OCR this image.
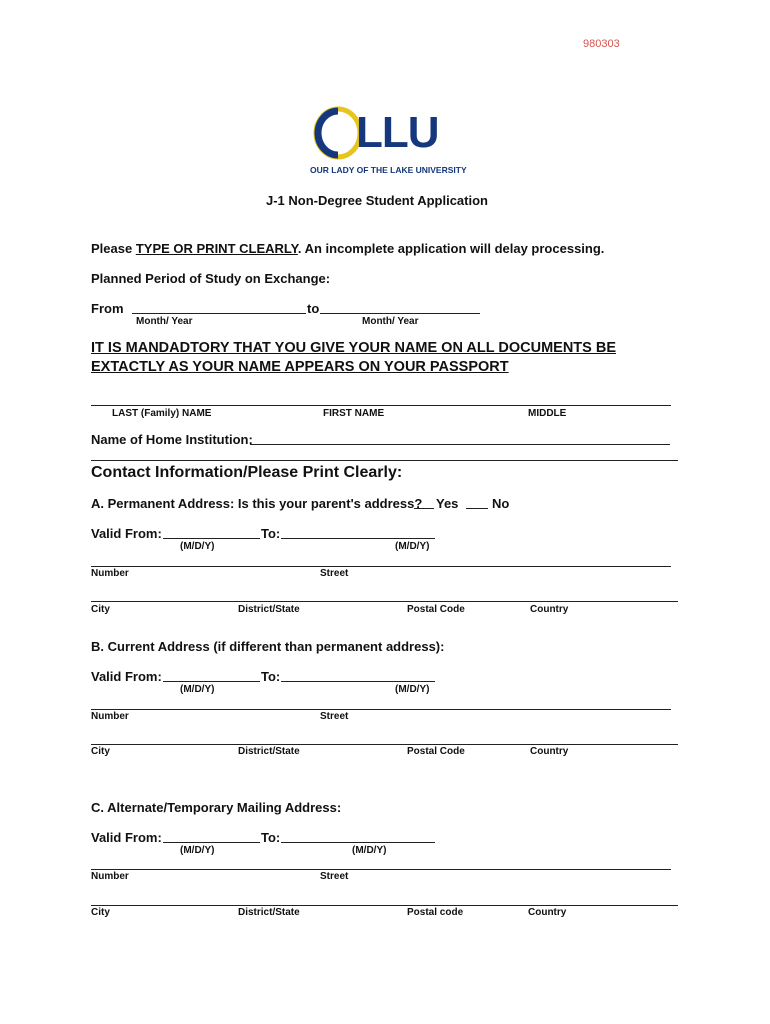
980303
LLU
OUR LADY OF THE LAKE UNIVERSITY
J-1 Non-Degree Student Application
Please TYPE OR PRINT CLEARLY. An incomplete application will delay processing.
Planned Period of Study on Exchange:
From	to
Month/ Year	Month/ Year
IT IS MANDADTORY THAT YOU GIVE YOUR NAME ON ALL DOCUMENTS BE
EXTACTLY AS YOUR NAME APPEARS ON YOUR PASSPORT
LAST (Family) NAME	FIRST NAME	MIDDLE
Name of Home Institution:
Contact Information/Please Print Clearly:
A. Permanent Address: Is this your parent's address? Yes	No
Valid From:	To:
(M/D/Y)	(M/D/Y)
Number	Street
City	District/State	Postal Code	Country
B. Current Address (if different than permanent address):
Valid From:	To:
(M/D/Y)	(M/D/Y)
Number	Street
City	District/State	Postal Code	Country
C. Alternate/Temporary Mailing Address:
Valid From:	To:
(M/D/Y)	(M/D/Y)
Number	Street
City	District/State	Postal code	Country
